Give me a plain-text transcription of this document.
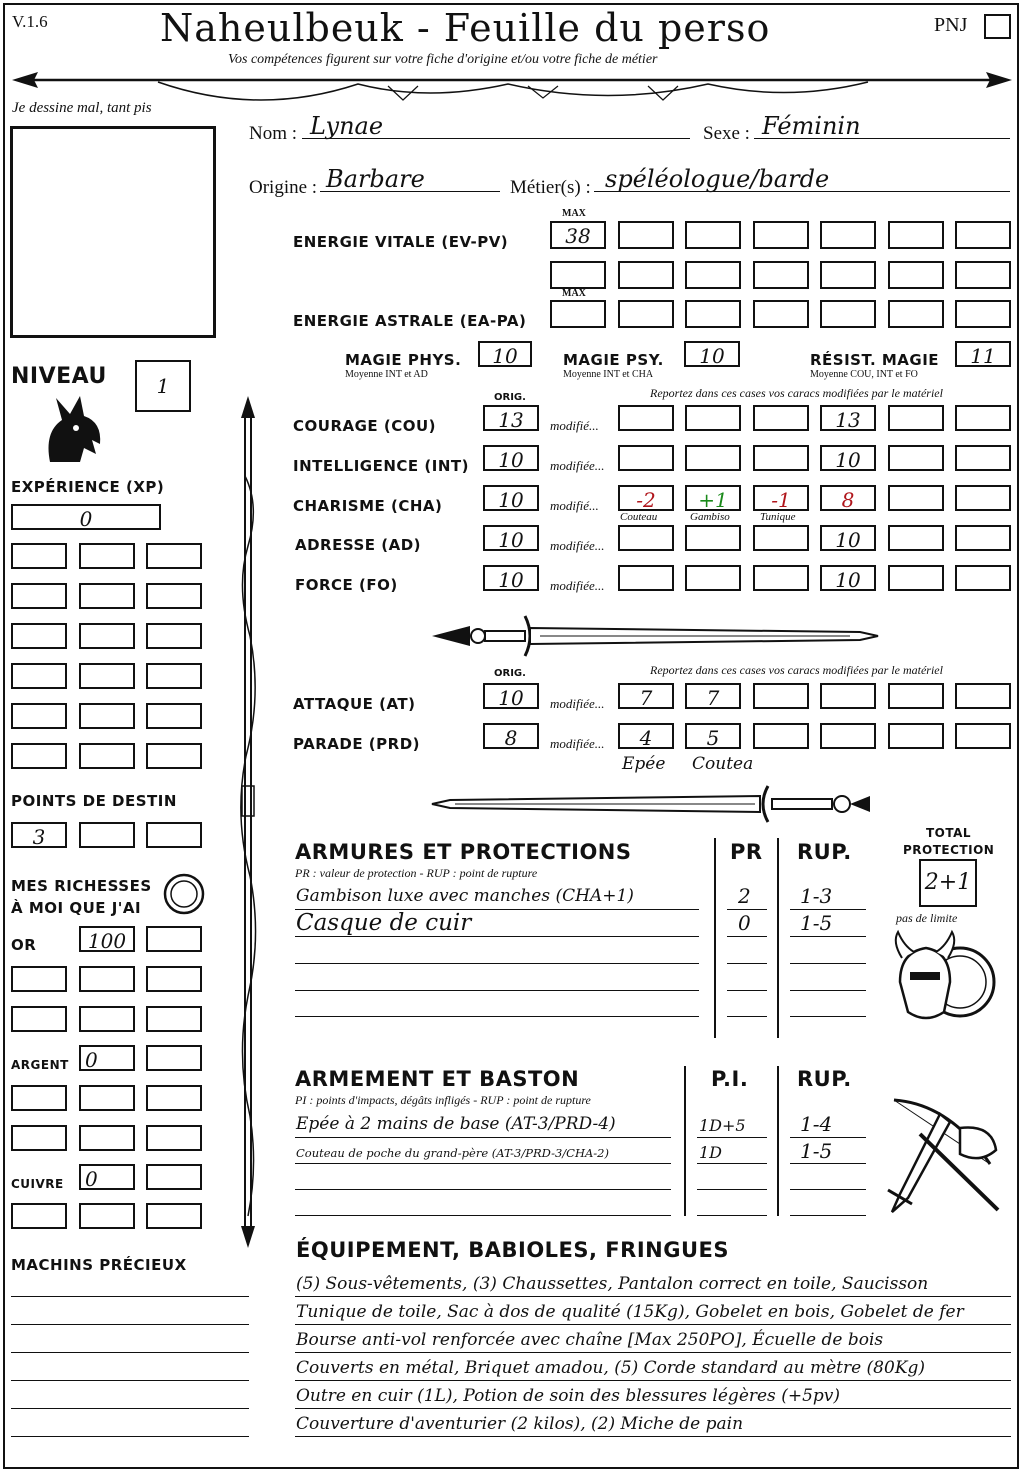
V.1.6	Naheulbeuk - Feuille du perso
Vos compétences figurent sur votre fiche d'origine et/ou votre fiche de métier
PNJ
Je dessine mal, tant pis
Nom : Lynae	Sexe : Féminin
Origine : Barbare	Métier(s) : spéléologue/barde
MAX
ENERGIE VITALE (EV-PV)	38
MAX
ENERGIE ASTRALE (EA-PA)
MAGIE PHYS.
Moyenne INT et AD
10	MAGIE PSY.
Moyenne INT et CHA
10	RÉSIST. MAGIE
Moyenne COU, INT et FO
11
NIVEAU	1
EXPÉRIENCE (XP)
0
POINTS DE DESTIN
3
MES RICHESSES
À MOI QUE J'AI
OR	100
ARGENT 0
CUIVRE	0
MACHINS PRÉCIEUX
ORIG.	Reportez dans ces cases vos caracs modifiées par le matériel
COURAGE (COU)	13	modifié...	13
INTELLIGENCE (INT)	10	modifiée...	10
CHARISME (CHA)	10	modifié...	-2	+1	-1	8
Couteau	Gambiso	Tunique
ADRESSE (AD)	10	modifiée...	10
FORCE (FO)	10	modifiée...	10
ORIG.	Reportez dans ces cases vos caracs modifiées par le matériel
ATTAQUE (AT)	10	modifiée...	7	7
PARADE (PRD)	8	modifiée...	4	5
Epée Coutea
ARMURES ET PROTECTIONS
PR : valeur de protection - RUP : point de rupture
PR RUP.
Gambison luxe avec manches (CHA+1)	2 1-3
Casque de cuir	0 1-5
TOTAL
PROTECTION
2+1
pas de limite
ARMEMENT ET BASTON
PI : points d'impacts, dégâts infligés - RUP : point de rupture
P.I. RUP.
Epée à 2 mains de base (AT-3/PRD-4)	1D+5	1-4
Couteau de poche du grand-père (AT-3/PRD-3/CHA-2)	1D	1-5
ÉQUIPEMENT, BABIOLES, FRINGUES
(5) Sous-vêtements, (3) Chaussettes, Pantalon correct en toile, Saucisson
Tunique de toile, Sac à dos de qualité (15Kg), Gobelet en bois, Gobelet de fer
Bourse anti-vol renforcée avec chaîne [Max 250PO], Écuelle de bois
Couverts en métal, Briquet amadou, (5) Corde standard au mètre (80Kg)
Outre en cuir (1L), Potion de soin des blessures légères (+5pv)
Couverture d'aventurier (2 kilos), (2) Miche de pain
